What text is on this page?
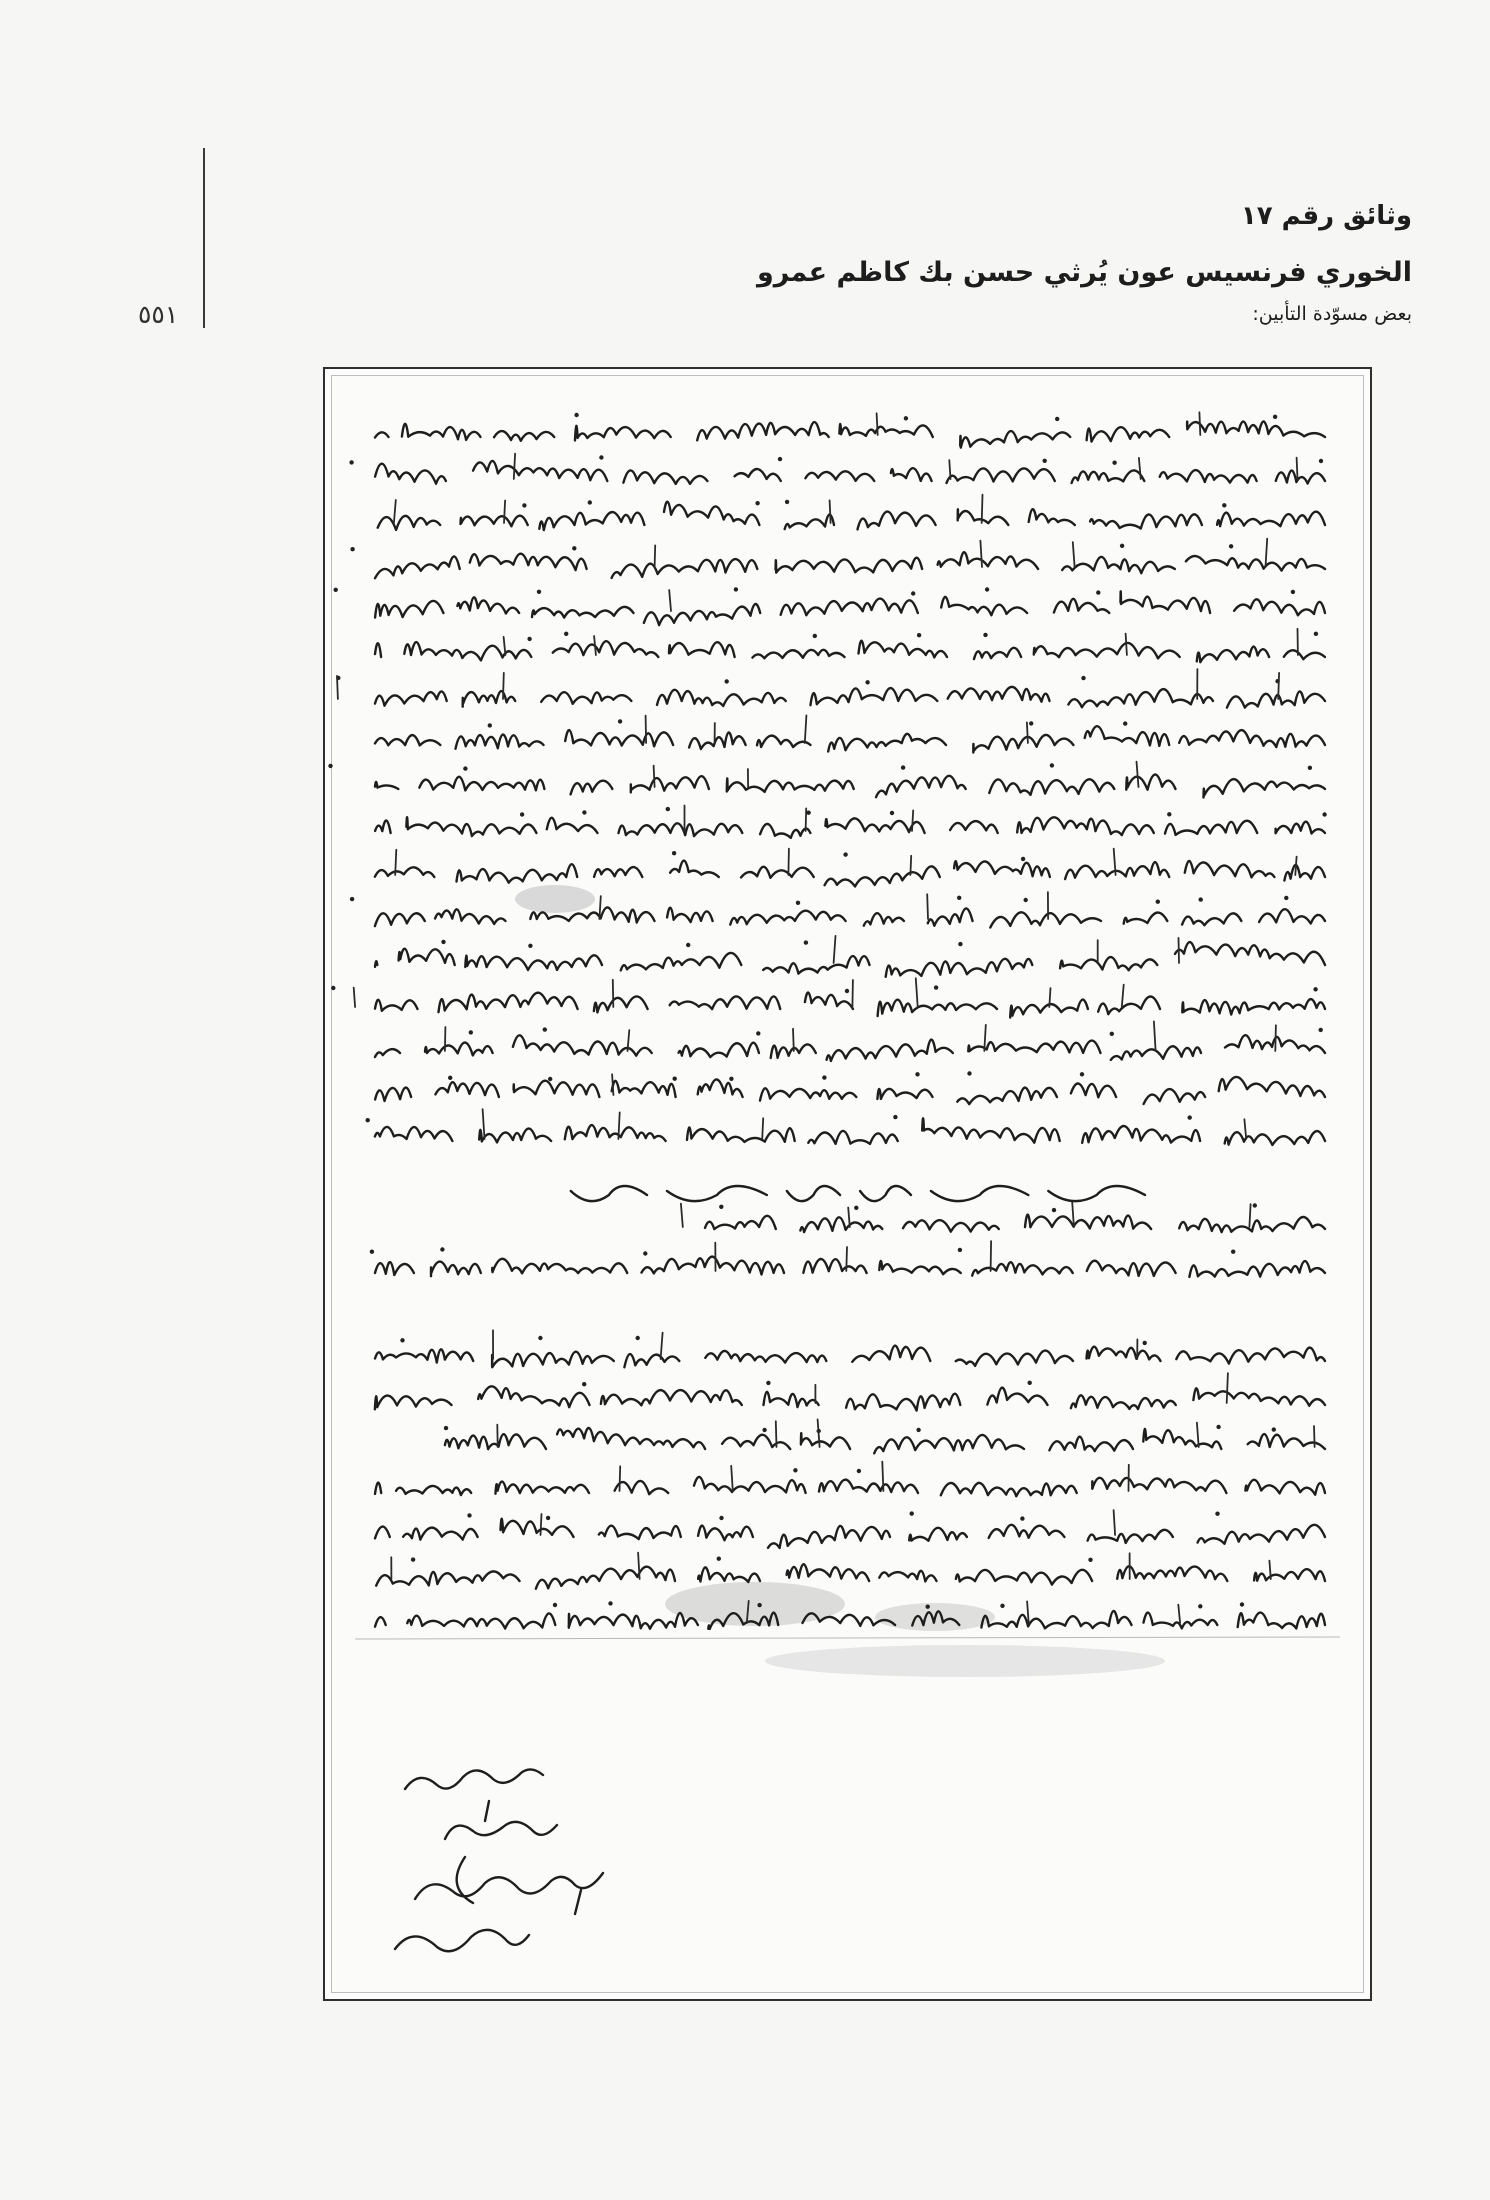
٥٥١
وثائق رقم ١٧
الخوري فرنسيس عون يُرثي حسن بك كاظم عمرو
بعض مسوّدة التأبين:
